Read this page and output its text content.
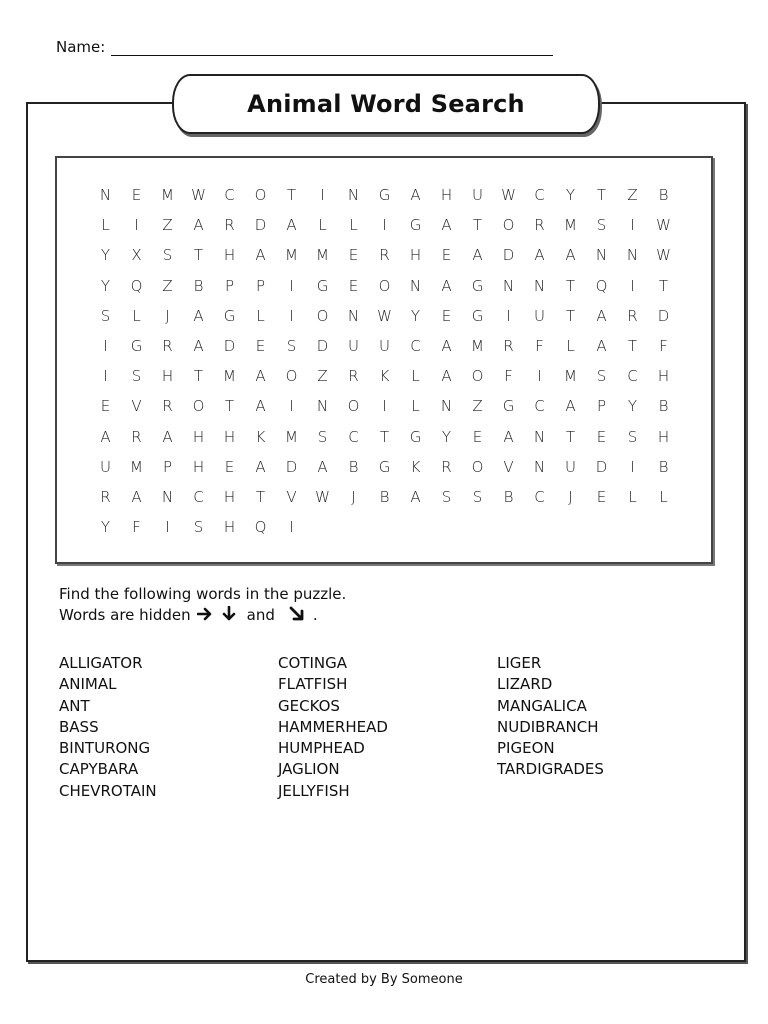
Name:
Animal Word Search
N	E	M	W	C	O	T	I	N	G	A	H	U	W	C	Y	T	Z	B
L	I	Z	A	R	D	A	L	L	I	G	A	T	O	R	M	S	I	W
Y	X	S	T	H	A	M	M	E	R	H	E	A	D	A	A	N	N	W
Y	Q	Z	B	P	P	I	G	E	O	N	A	G	N	N	T	Q	I	T
S	L	J	A	G	L	I	O	N	W	Y	E	G	I	U	T	A	R	D
I	G	R	A	D	E	S	D	U	U	C	A	M	R	F	L	A	T	F
I	S	H	T	M	A	O	Z	R	K	L	A	O	F	I	M	S	C	H
E	V	R	O	T	A	I	N	O	I	L	N	Z	G	C	A	P	Y	B
A	R	A	H	H	K	M	S	C	T	G	Y	E	A	N	T	E	S	H
U	M	P	H	E	A	D	A	B	G	K	R	O	V	N	U	D	I	B
R	A	N	C	H	T	V	W	J	B	A	S	S	B	C	J	E	L	L
Y	F	I	S	H	Q	I
Find the following words in the puzzle.
Words are hidden	and	.
ALLIGATOR
ANIMAL
ANT
BASS
BINTURONG
CAPYBARA
CHEVROTAIN
COTINGA
FLATFISH
GECKOS
HAMMERHEAD
HUMPHEAD
JAGLION
JELLYFISH
LIGER
LIZARD
MANGALICA
NUDIBRANCH
PIGEON
TARDIGRADES
Created by By Someone
